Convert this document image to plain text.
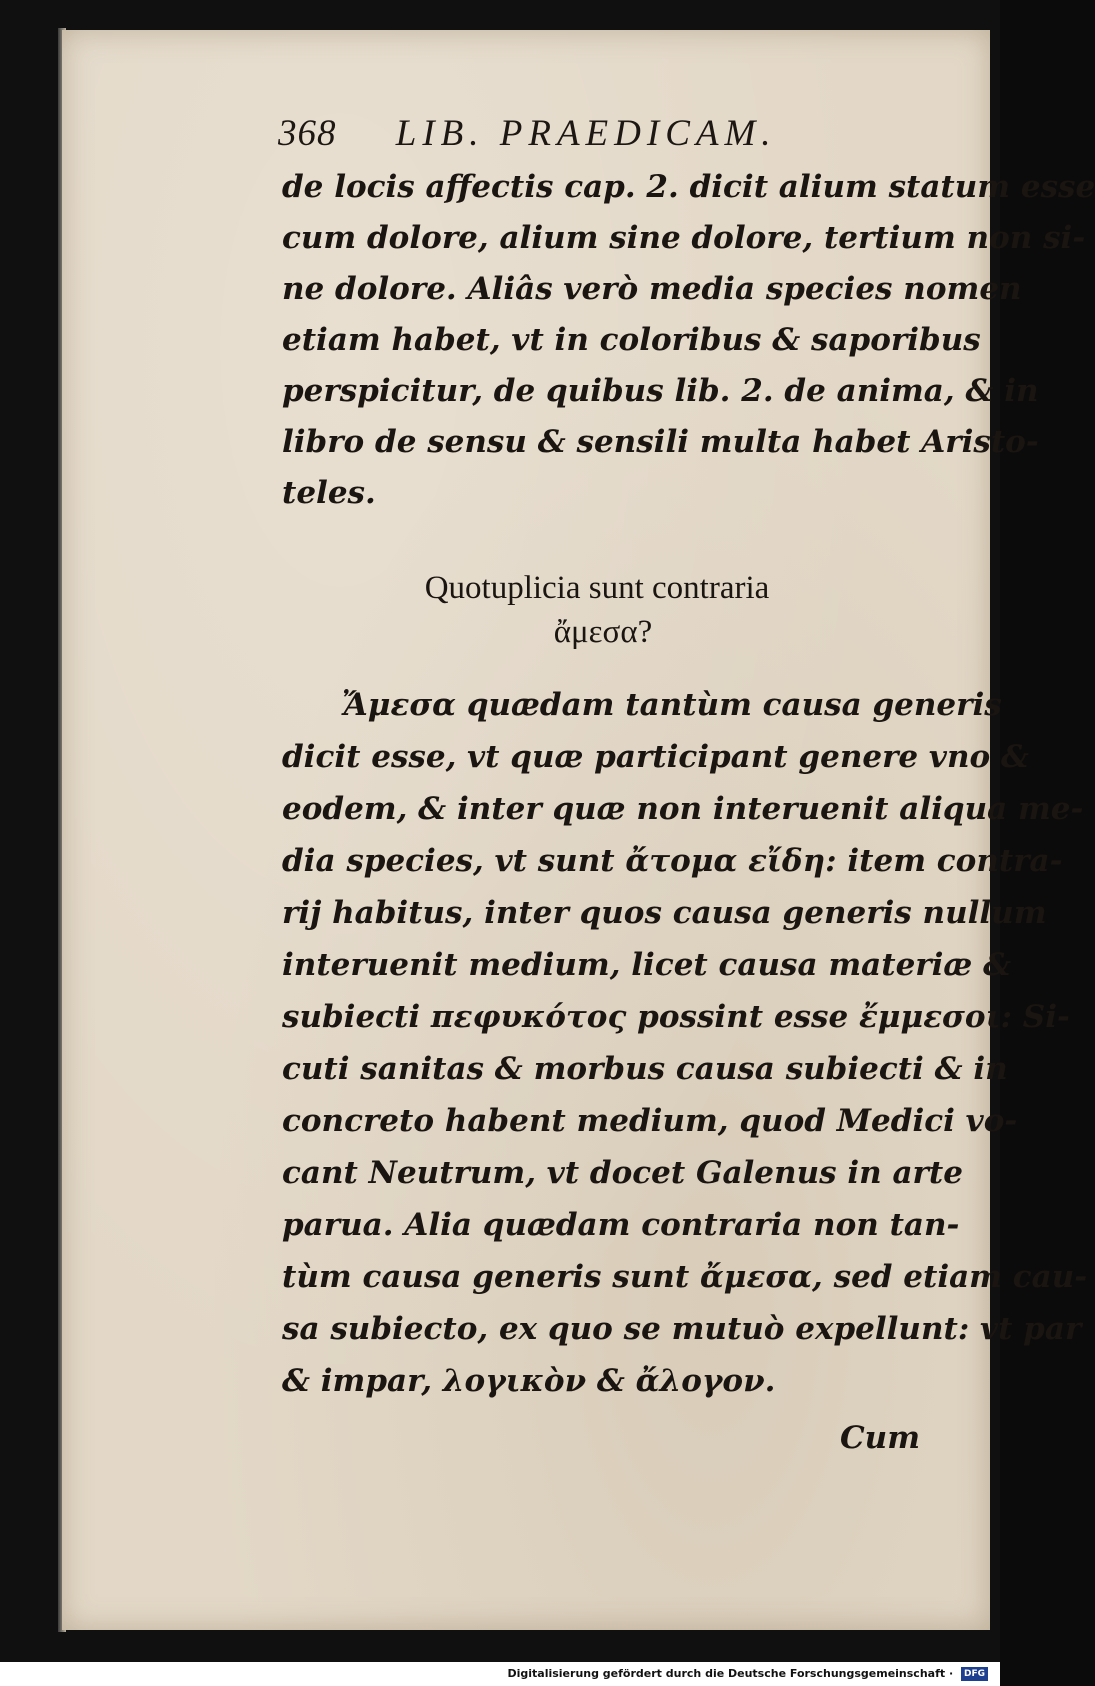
368 LIB. PRAEDICAM.
de locis affectis cap. 2. dicit alium statum esse
cum dolore, alium sine dolore, tertium non si-
ne dolore. Aliâs verò media species nomen
etiam habet, vt in coloribus & saporibus
perspicitur, de quibus lib. 2. de anima, & in
libro de sensu & sensili multa habet Aristo-
teles.
Quotuplicia sunt contraria
ἄμεσα?
Ἄμεσα quædam tantùm causa generis
dicit esse, vt quæ participant genere vno &
eodem, & inter quæ non interuenit aliqua me-
dia species, vt sunt ἄτομα εἴδη: item contra-
rij habitus, inter quos causa generis nullum
interuenit medium, licet causa materiæ &
subiecti πεφυκότος possint esse ἔμμεσοι: Si-
cuti sanitas & morbus causa subiecti & in
concreto habent medium, quod Medici vo-
cant Neutrum, vt docet Galenus in arte
parua. Alia quædam contraria non tan-
tùm causa generis sunt ἄμεσα, sed etiam cau-
sa subiecto, ex quo se mutuò expellunt: vt par
& impar, λογικὸν & ἄλογον.
Cum
Digitalisierung gefördert durch die Deutsche Forschungsgemeinschaft · DFG
